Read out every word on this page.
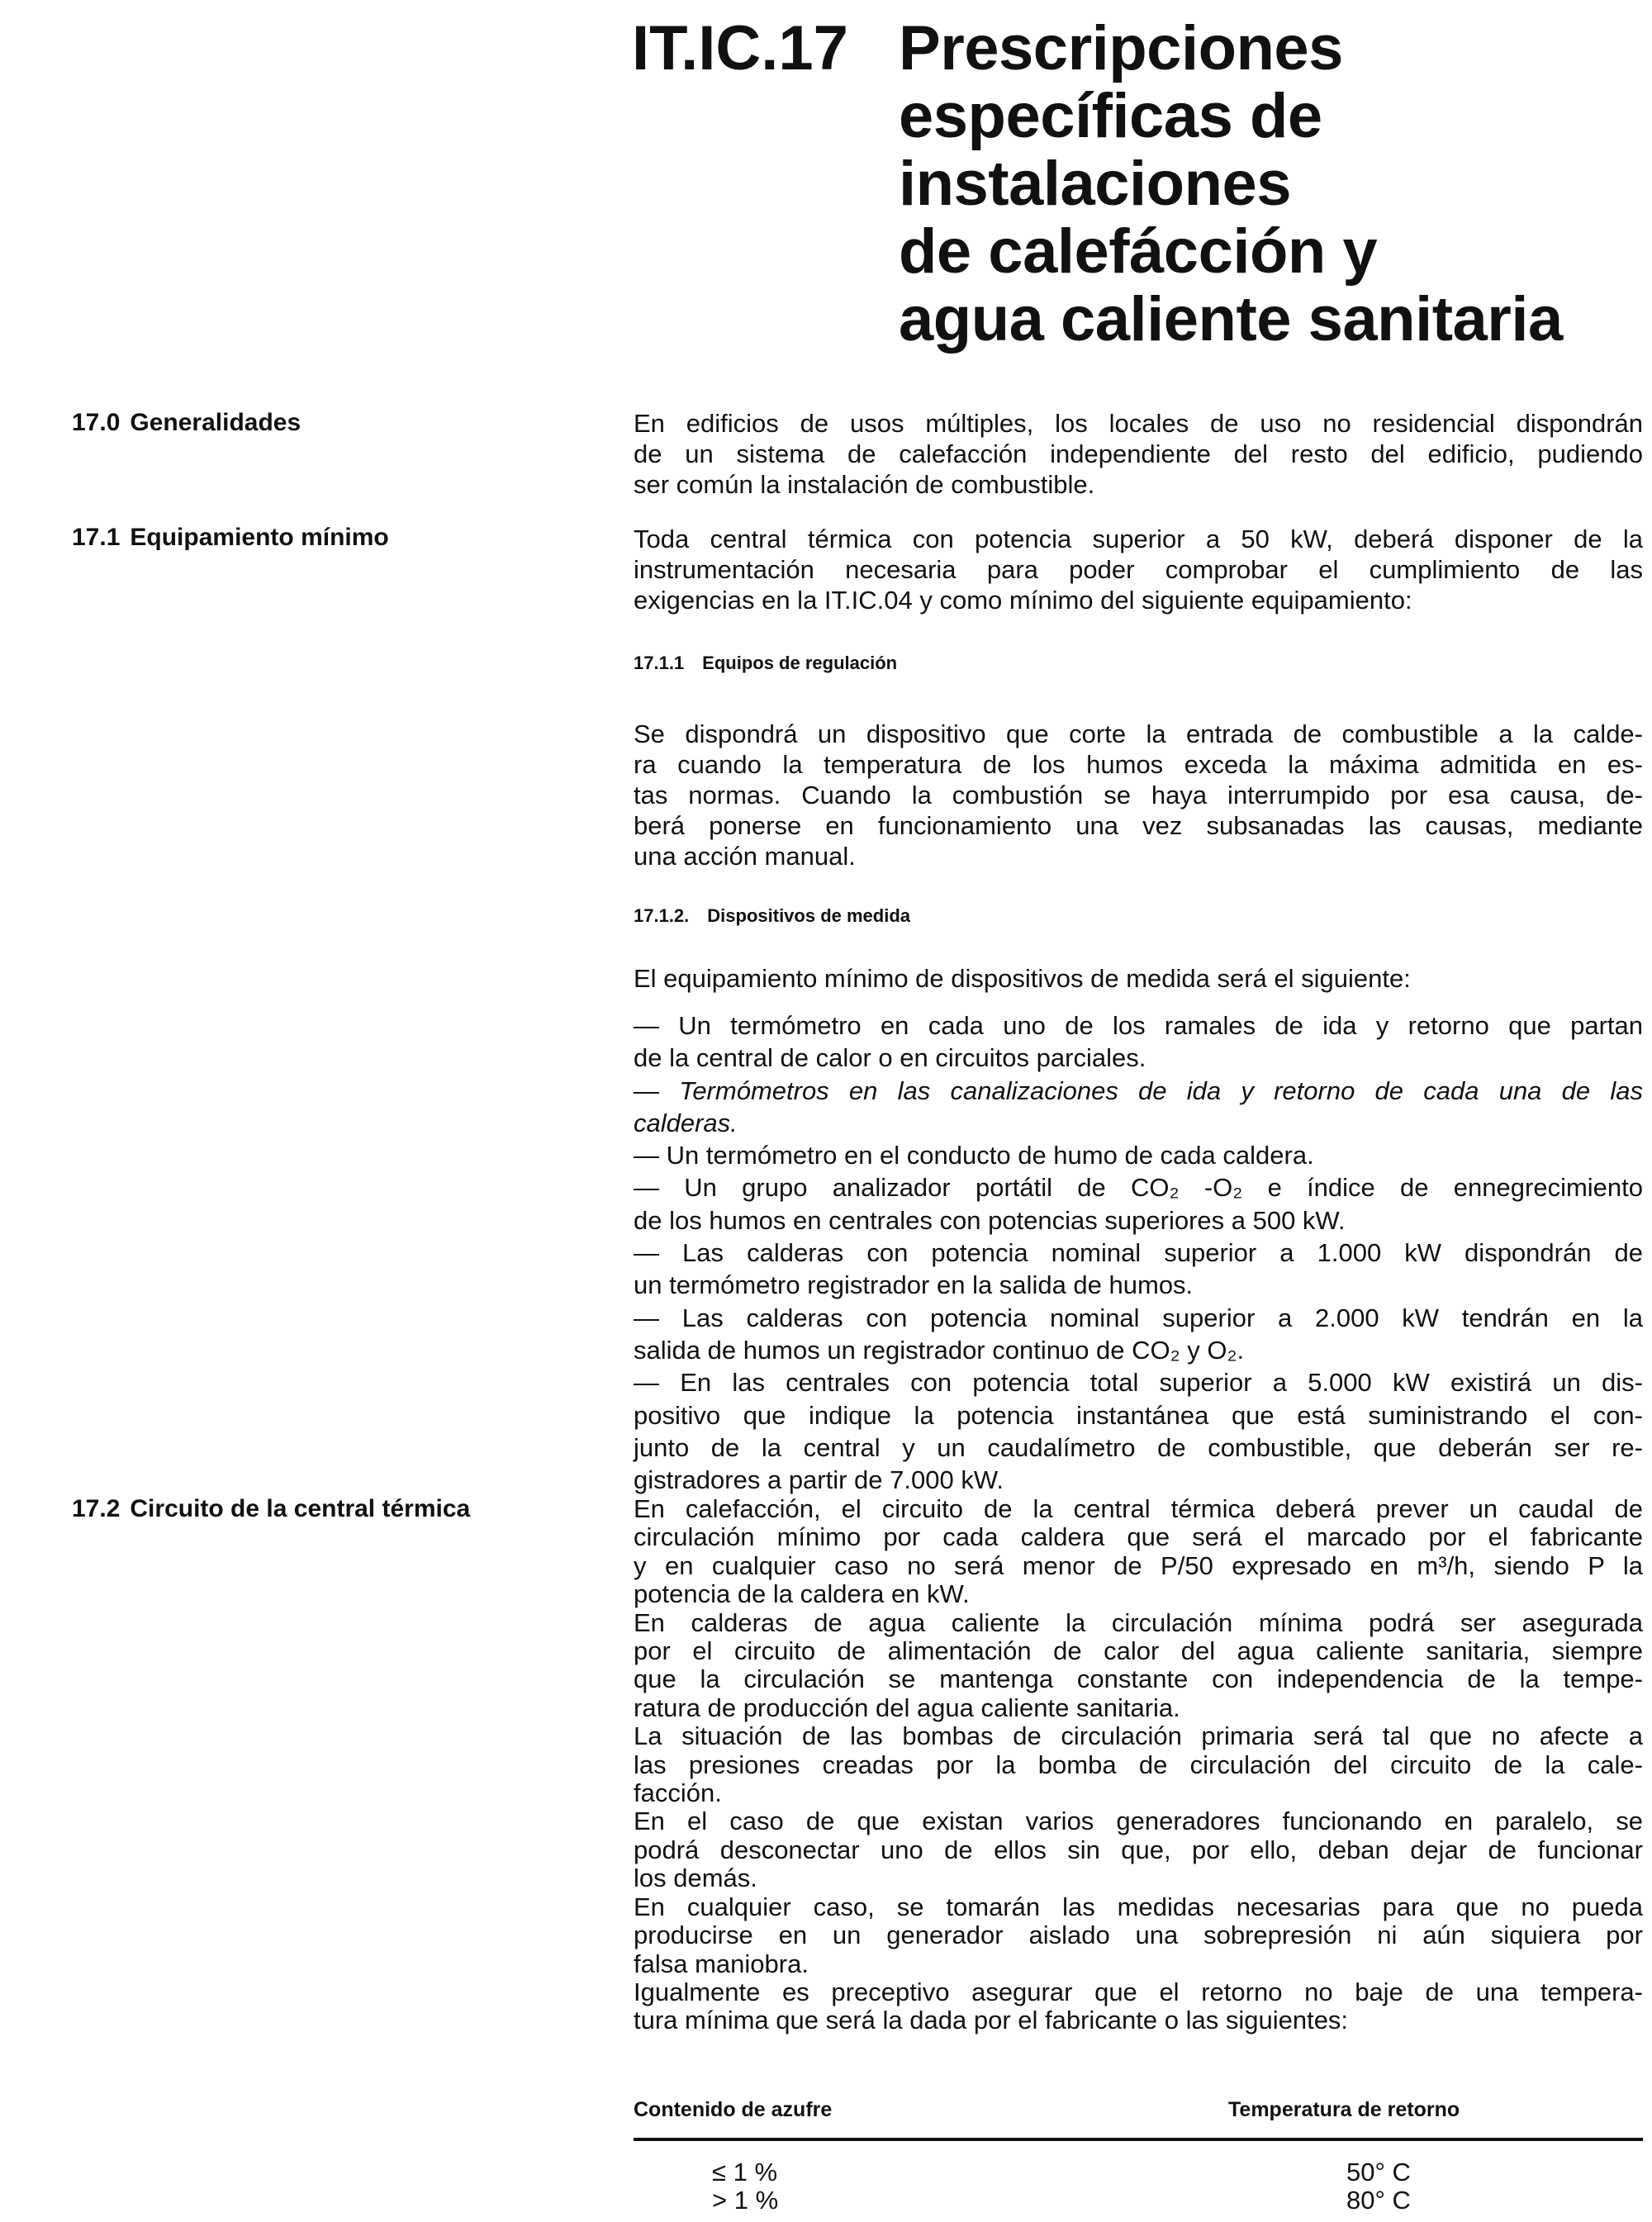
IT.IC.17 Prescripciones
específicas de
instalaciones
de calefácción y
agua caliente sanitaria
17.0 Generalidades
17.1 Equipamiento mínimo
17.2 Circuito de la central térmica
En edificios de usos múltiples, los locales de uso no residencial dispondrán
de un sistema de calefacción independiente del resto del edificio, pudiendo
ser común la instalación de combustible.
Toda central térmica con potencia superior a 50 kW, deberá disponer de la
instrumentación necesaria para poder comprobar el cumplimiento de las
exigencias en la IT.IC.04 y como mínimo del siguiente equipamiento:
17.1.1 Equipos de regulación
Se dispondrá un dispositivo que corte la entrada de combustible a la calde-
ra cuando la temperatura de los humos exceda la máxima admitida en es-
tas normas. Cuando la combustión se haya interrumpido por esa causa, de-
berá ponerse en funcionamiento una vez subsanadas las causas, mediante
una acción manual.
17.1.2. Dispositivos de medida
El equipamiento mínimo de dispositivos de medida será el siguiente:
— Un termómetro en cada uno de los ramales de ida y retorno que partan
de la central de calor o en circuitos parciales.
— Termómetros en las canalizaciones de ida y retorno de cada una de las
calderas.
— Un termómetro en el conducto de humo de cada caldera.
— Un grupo analizador portátil de CO₂ -O₂ e índice de ennegrecimiento
de los humos en centrales con potencias superiores a 500 kW.
— Las calderas con potencia nominal superior a 1.000 kW dispondrán de
un termómetro registrador en la salida de humos.
— Las calderas con potencia nominal superior a 2.000 kW tendrán en la
salida de humos un registrador continuo de CO₂ y O₂.
— En las centrales con potencia total superior a 5.000 kW existirá un dis-
positivo que indique la potencia instantánea que está suministrando el con-
junto de la central y un caudalímetro de combustible, que deberán ser re-
gistradores a partir de 7.000 kW.
En calefacción, el circuito de la central térmica deberá prever un caudal de
circulación mínimo por cada caldera que será el marcado por el fabricante
y en cualquier caso no será menor de P/50 expresado en m³/h, siendo P la
potencia de la caldera en kW.
En calderas de agua caliente la circulación mínima podrá ser asegurada
por el circuito de alimentación de calor del agua caliente sanitaria, siempre
que la circulación se mantenga constante con independencia de la tempe-
ratura de producción del agua caliente sanitaria.
La situación de las bombas de circulación primaria será tal que no afecte a
las presiones creadas por la bomba de circulación del circuito de la cale-
facción.
En el caso de que existan varios generadores funcionando en paralelo, se
podrá desconectar uno de ellos sin que, por ello, deban dejar de funcionar
los demás.
En cualquier caso, se tomarán las medidas necesarias para que no pueda
producirse en un generador aislado una sobrepresión ni aún siquiera por
falsa maniobra.
Igualmente es preceptivo asegurar que el retorno no baje de una tempera-
tura mínima que será la dada por el fabricante o las siguientes:
Contenido de azufre	Temperatura de retorno
≤ 1 %	50° C
> 1 %	80° C
